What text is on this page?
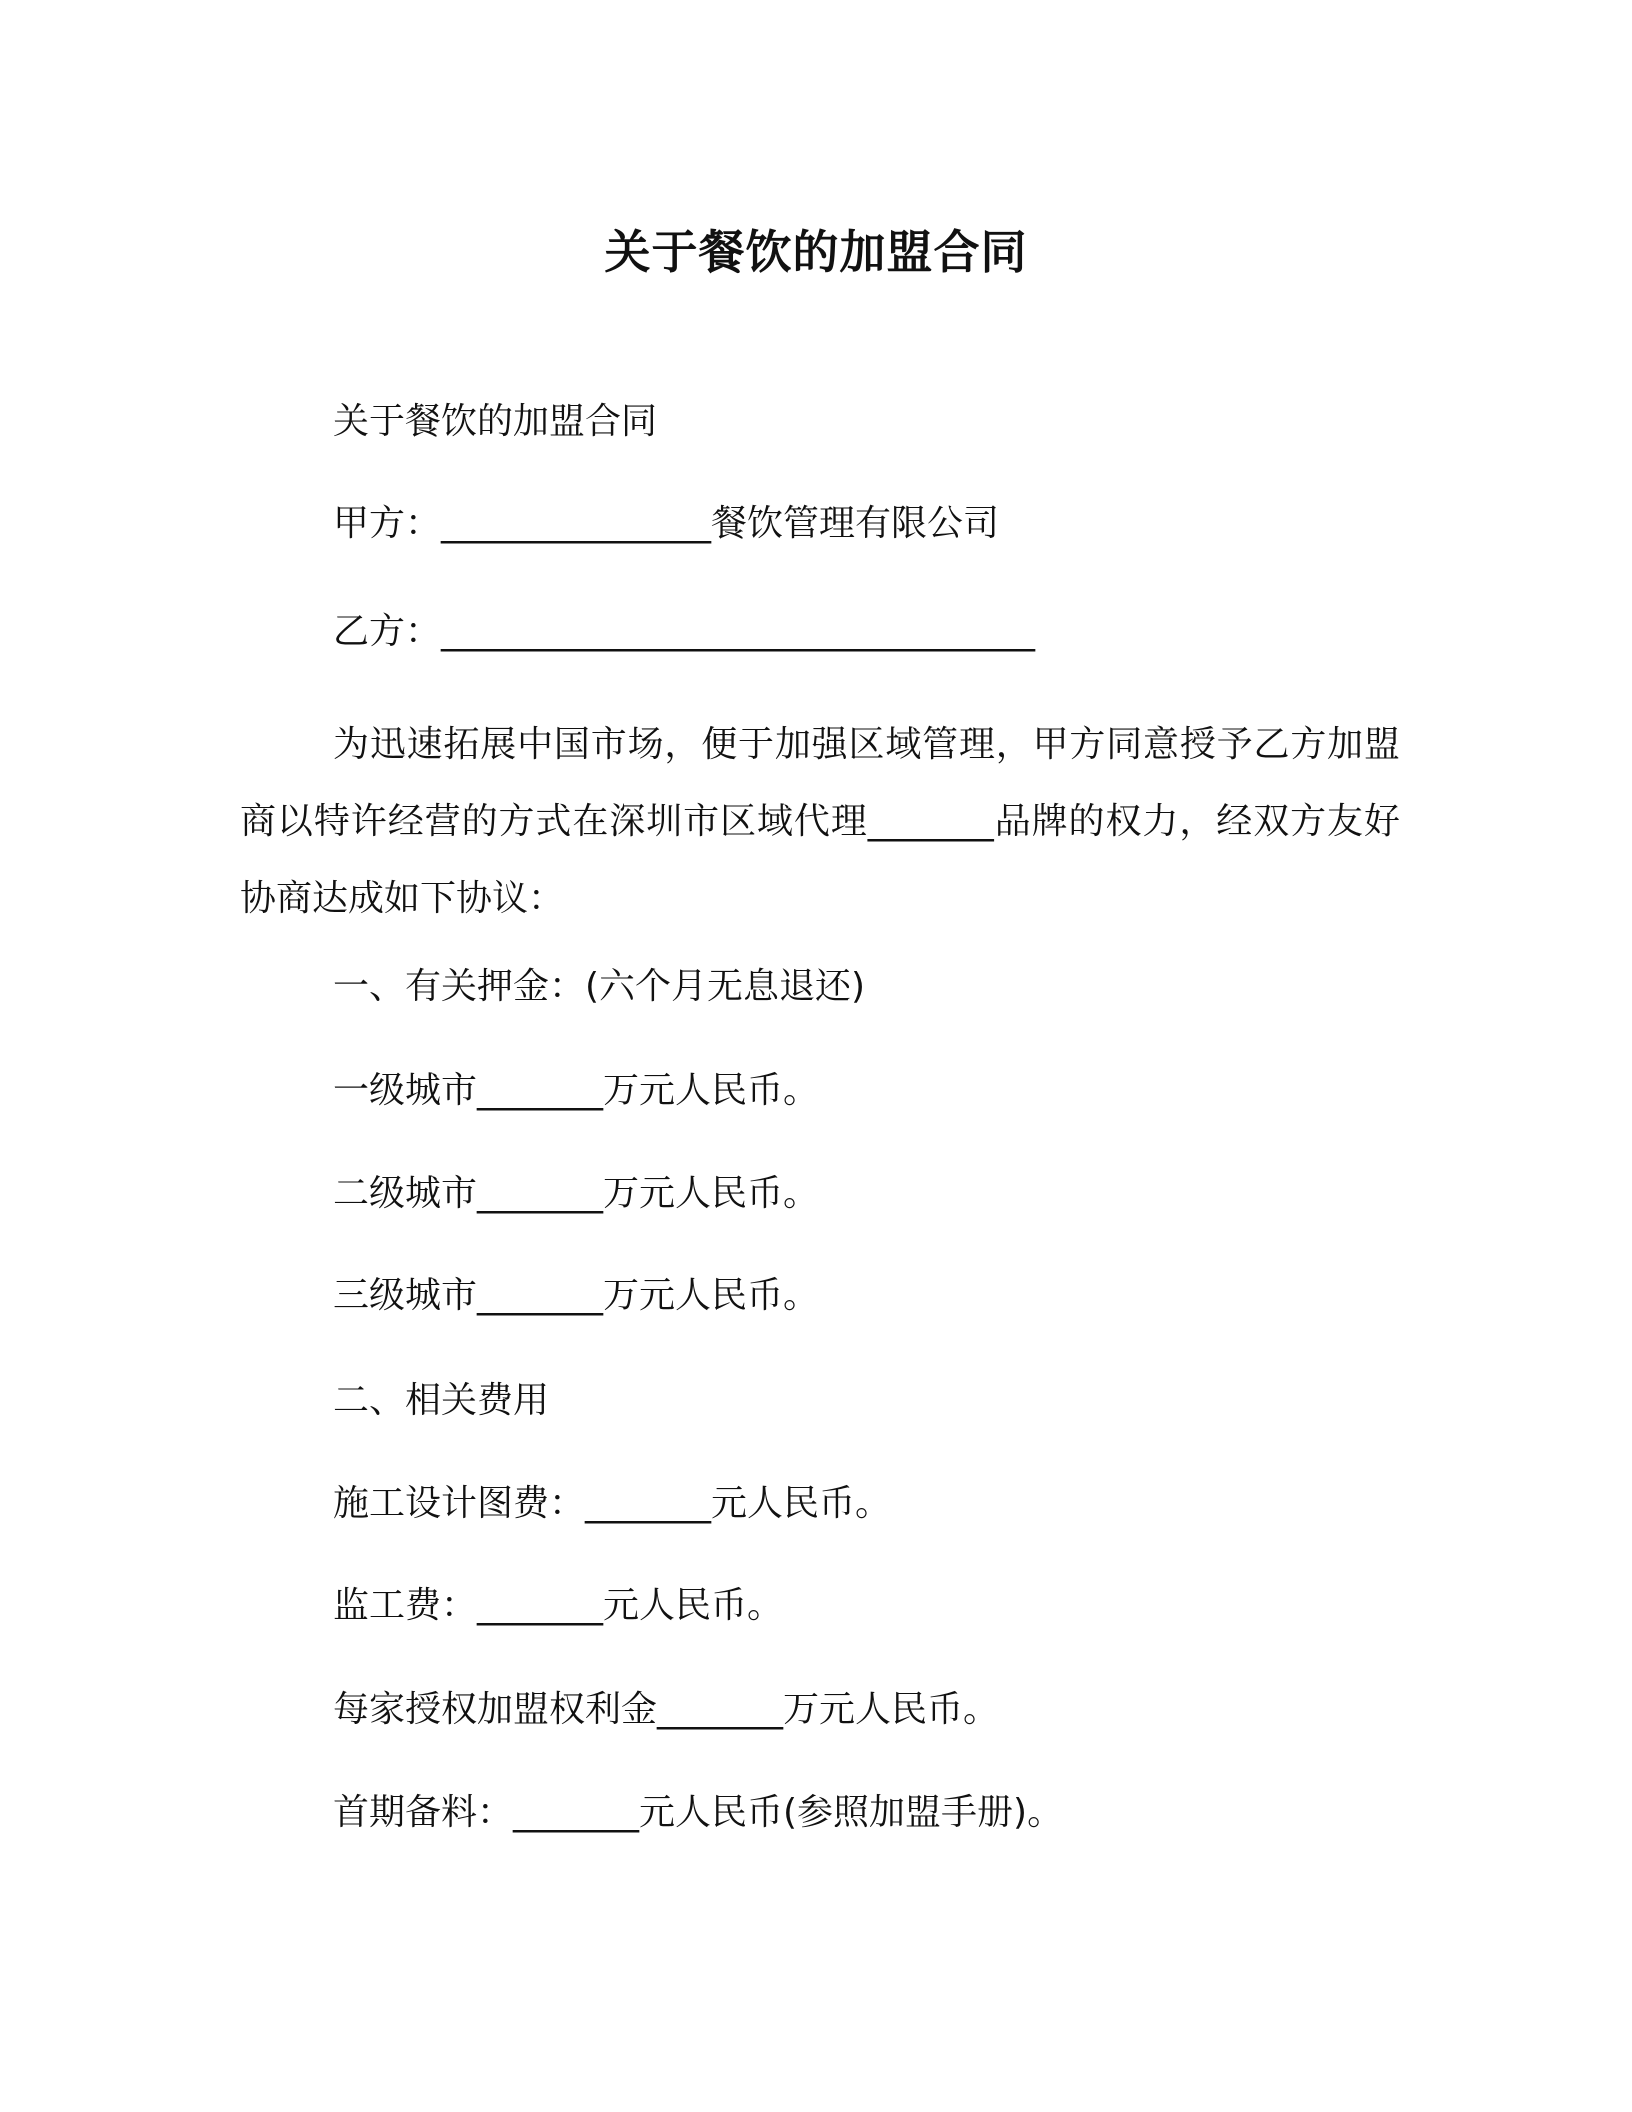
关于餐饮的加盟合同
关于餐饮的加盟合同
甲方：_______________餐饮管理有限公司
乙方：_________________________________
为迅速拓展中国市场，便于加强区域管理，甲方同意授予乙方加盟商以特许经营的方式在深圳市区域代理_______品牌的权力，经双方友好协商达成如下协议：
一、有关押金：(六个月无息退还)
一级城市_______万元人民币。
二级城市_______万元人民币。
三级城市_______万元人民币。
二、相关费用
施工设计图费：_______元人民币。
监工费：_______元人民币。
每家授权加盟权利金_______万元人民币。
首期备料：_______元人民币(参照加盟手册)。
